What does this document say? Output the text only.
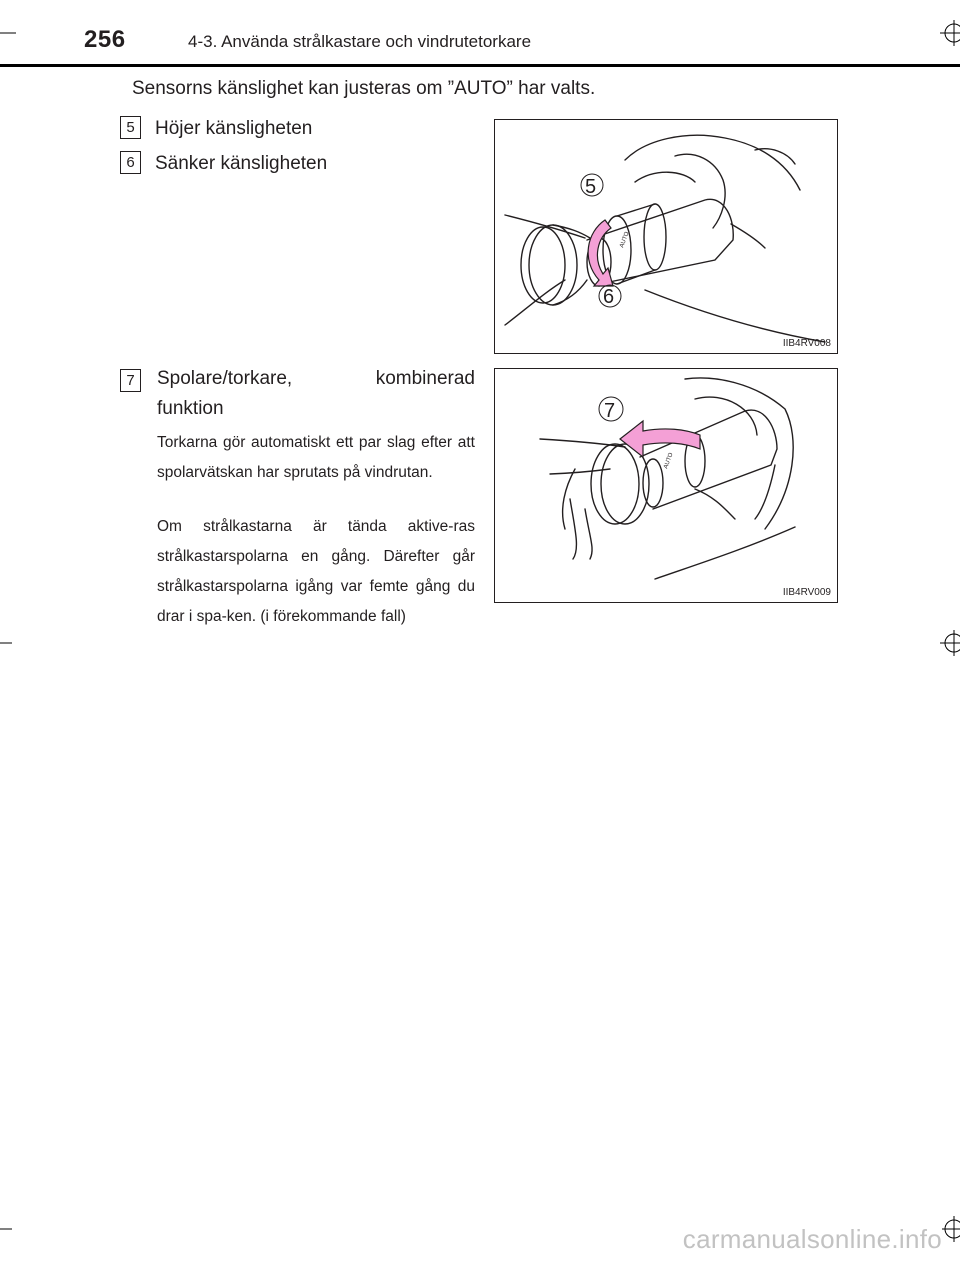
256	4-3. Använda strålkastare och vindrutetorkare
Sensorns känslighet kan justeras om ”AUTO” har valts.
5 Höjer känsligheten
6 Sänker känsligheten
AUTO
5
6
IIB4RV008
7	Spolare/torkare,	kombinerad
funktion
Torkarna gör automatiskt ett par slag efter att spolarvätskan har sprutats på vindrutan.
Om strålkastarna är tända aktive-ras strålkastarspolarna en gång. Därefter går strålkastarspolarna igång var femte gång du drar i spa-ken. (i förekommande fall)
AUTO
7
IIB4RV009
carmanualsonline.info
